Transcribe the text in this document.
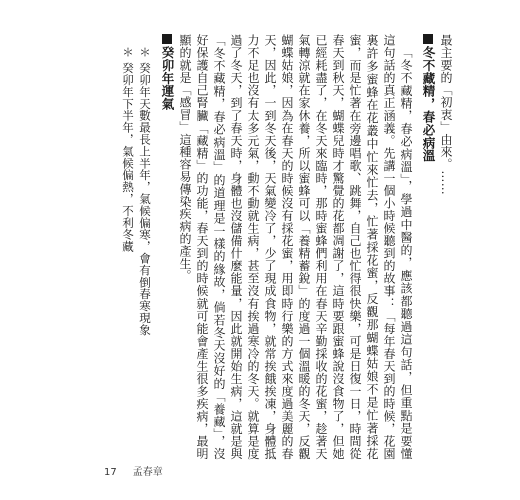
最主要的「初衷」由來。……

冬不藏精，春必病溫

「冬不藏精，春必病溫」，學過中醫的，應該都聽過這句話，但重點是要懂這句話的真正涵義。先講一個小時候聽到的故事：「每年春天到的時候，花園裏許多蜜蜂在花叢中忙來忙去，忙著採花蜜，反觀那蝴蝶姑娘不是忙著採花蜜，而是忙著在旁邊唱歌、跳舞，自己也忙得很快樂，可是日復一日，時間從春天到秋天，蝴蝶兒時才驚覺的花都凋謝了，這時要跟蜜蜂說沒食物了，但她已經耗盡了，在冬天來臨時，那時蜜蜂們利用在春天辛勤採收的花蜜，趁著天氣轉涼就在家休養，所以蜜蜂可以「養精蓄銳」的度過一個溫暖的冬天，反觀蝴蝶姑娘，因為在春天的時候沒有採花蜜，用即時行樂的方式來度過美麗的春天，因此，一到冬天後，天氣變冷了，少了現成食物，就常挨餓挨凍，身體抵力不足也沒有太多元氣，動不動就生病，甚至沒有挨過寒冷的冬天。就算是度過了冬天，到了春天時，身體也沒儲備什麼能量，因此就開始生病，這就是與「冬不藏精，春必病溫」的道理是一樣的緣故，倘若冬天沒好的「養藏」，沒好保護自己腎臟「藏精」的功能，春天到的時候就可能會產生很多疾病，最明顯的就是「感冒」這種容易傳染疾病的產生。

癸卯年運氣

＊ 癸卯年天數最長上半年，氣候偏寒，會有倒春寒現象

＊ 癸卯年下半年，氣候偏熱，不利冬藏

17 孟春章
